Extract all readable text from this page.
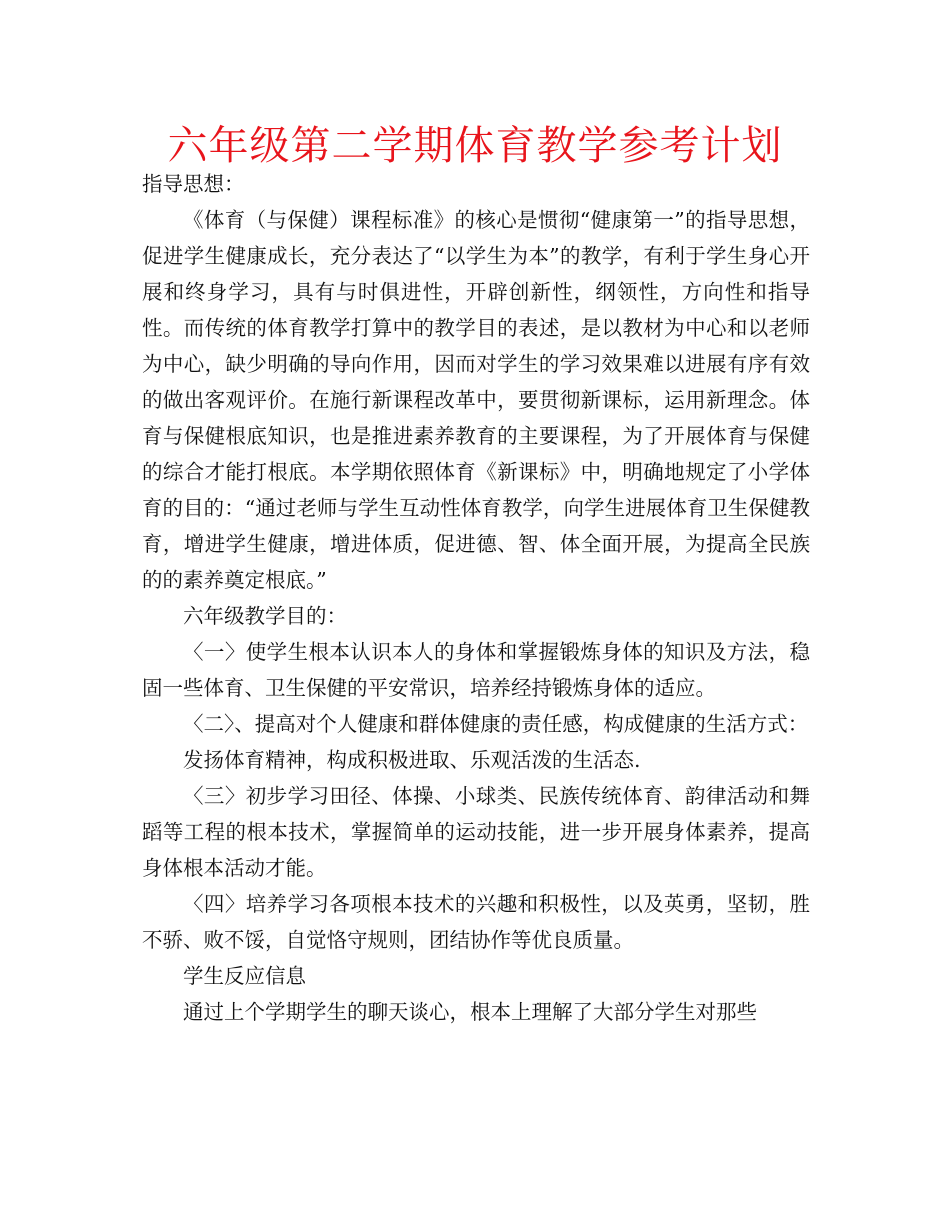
六年级第二学期体育教学参考计划

指导思想：

《体育（与保健）课程标准》的核心是惯彻“健康第一”的指导思想，促进学生健康成长，充分表达了“以学生为本”的教学，有利于学生身心开展和终身学习，具有与时俱进性，开辟创新性，纲领性，方向性和指导性。而传统的体育教学打算中的教学目的表述，是以教材为中心和以老师为中心，缺少明确的导向作用，因而对学生的学习效果难以进展有序有效的做出客观评价。在施行新课程改革中，要贯彻新课标，运用新理念。体育与保健根底知识，也是推进素养教育的主要课程，为了开展体育与保健的综合才能打根底。本学期依照体育《新课标》中，明确地规定了小学体育的目的：“通过老师与学生互动性体育教学，向学生进展体育卫生保健教育，增进学生健康，增进体质，促进德、智、体全面开展，为提高全民族的的素养奠定根底。”

六年级教学目的：

〈一〉使学生根本认识本人的身体和掌握锻炼身体的知识及方法，稳固一些体育、卫生保健的平安常识，培养经持锻炼身体的适应。

〈二〉、提高对个人健康和群体健康的责任感，构成健康的生活方式：

发扬体育精神，构成积极进取、乐观活泼的生活态.

〈三〉初步学习田径、体操、小球类、民族传统体育、韵律活动和舞蹈等工程的根本技术，掌握简单的运动技能，进一步开展身体素养，提高身体根本活动才能。

〈四〉培养学习各项根本技术的兴趣和积极性，以及英勇，坚韧，胜不骄、败不馁，自觉恪守规则，团结协作等优良质量。

学生反应信息

通过上个学期学生的聊天谈心，根本上理解了大部分学生对那些
